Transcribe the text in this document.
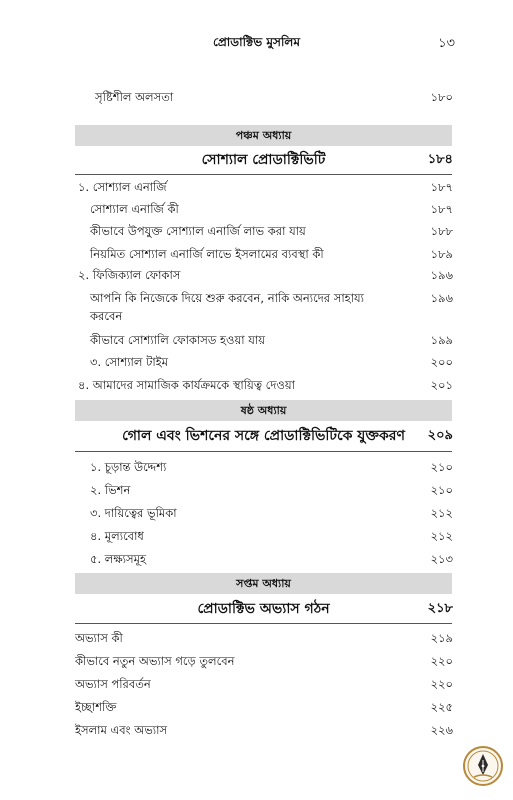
প্রোডাক্টিভ মুসলিম	১৩
সৃষ্টিশীল অলসতা	১৮০
পঞ্চম অধ্যায়
সোশ্যাল প্রোডাক্টিভিটি	১৮৪
১. সোশ্যাল এনার্জি	১৮৭
সোশ্যাল এনার্জি কী	১৮৭
কীভাবে উপযুক্ত সোশ্যাল এনার্জি লাভ করা যায়	১৮৮
নিয়মিত সোশ্যাল এনার্জি লাভে ইসলামের ব্যবস্থা কী	১৮৯
২. ফিজিক্যাল ফোকাস	১৯৬
আপনি কি নিজেকে দিয়ে শুরু করবেন, নাকি অন্যদের সাহায্য	১৯৬
করবেন
কীভাবে সোশ্যালি ফোকাসড হওয়া যায়	১৯৯
৩. সোশ্যাল টাইম	২০০
৪. আমাদের সামাজিক কার্যক্রমকে স্থায়িত্ব দেওয়া	২০১
ষষ্ঠ অধ্যায়
গোল এবং ভিশনের সঙ্গে প্রোডাক্টিভিটিকে যুক্তকরণ	২০৯
১. চূড়ান্ত উদ্দেশ্য	২১০
২. ভিশন	২১০
৩. দায়িত্বের ভূমিকা	২১২
৪. মূল্যবোধ	২১২
৫. লক্ষ্যসমূহ	২১৩
সপ্তম অধ্যায়
প্রোডাক্টিভ অভ্যাস গঠন	২১৮
অভ্যাস কী	২১৯
কীভাবে নতুন অভ্যাস গড়ে তুলবেন	২২০
অভ্যাস পরিবর্তন	২২০
ইচ্ছাশক্তি	২২৫
ইসলাম এবং অভ্যাস	২২৬
